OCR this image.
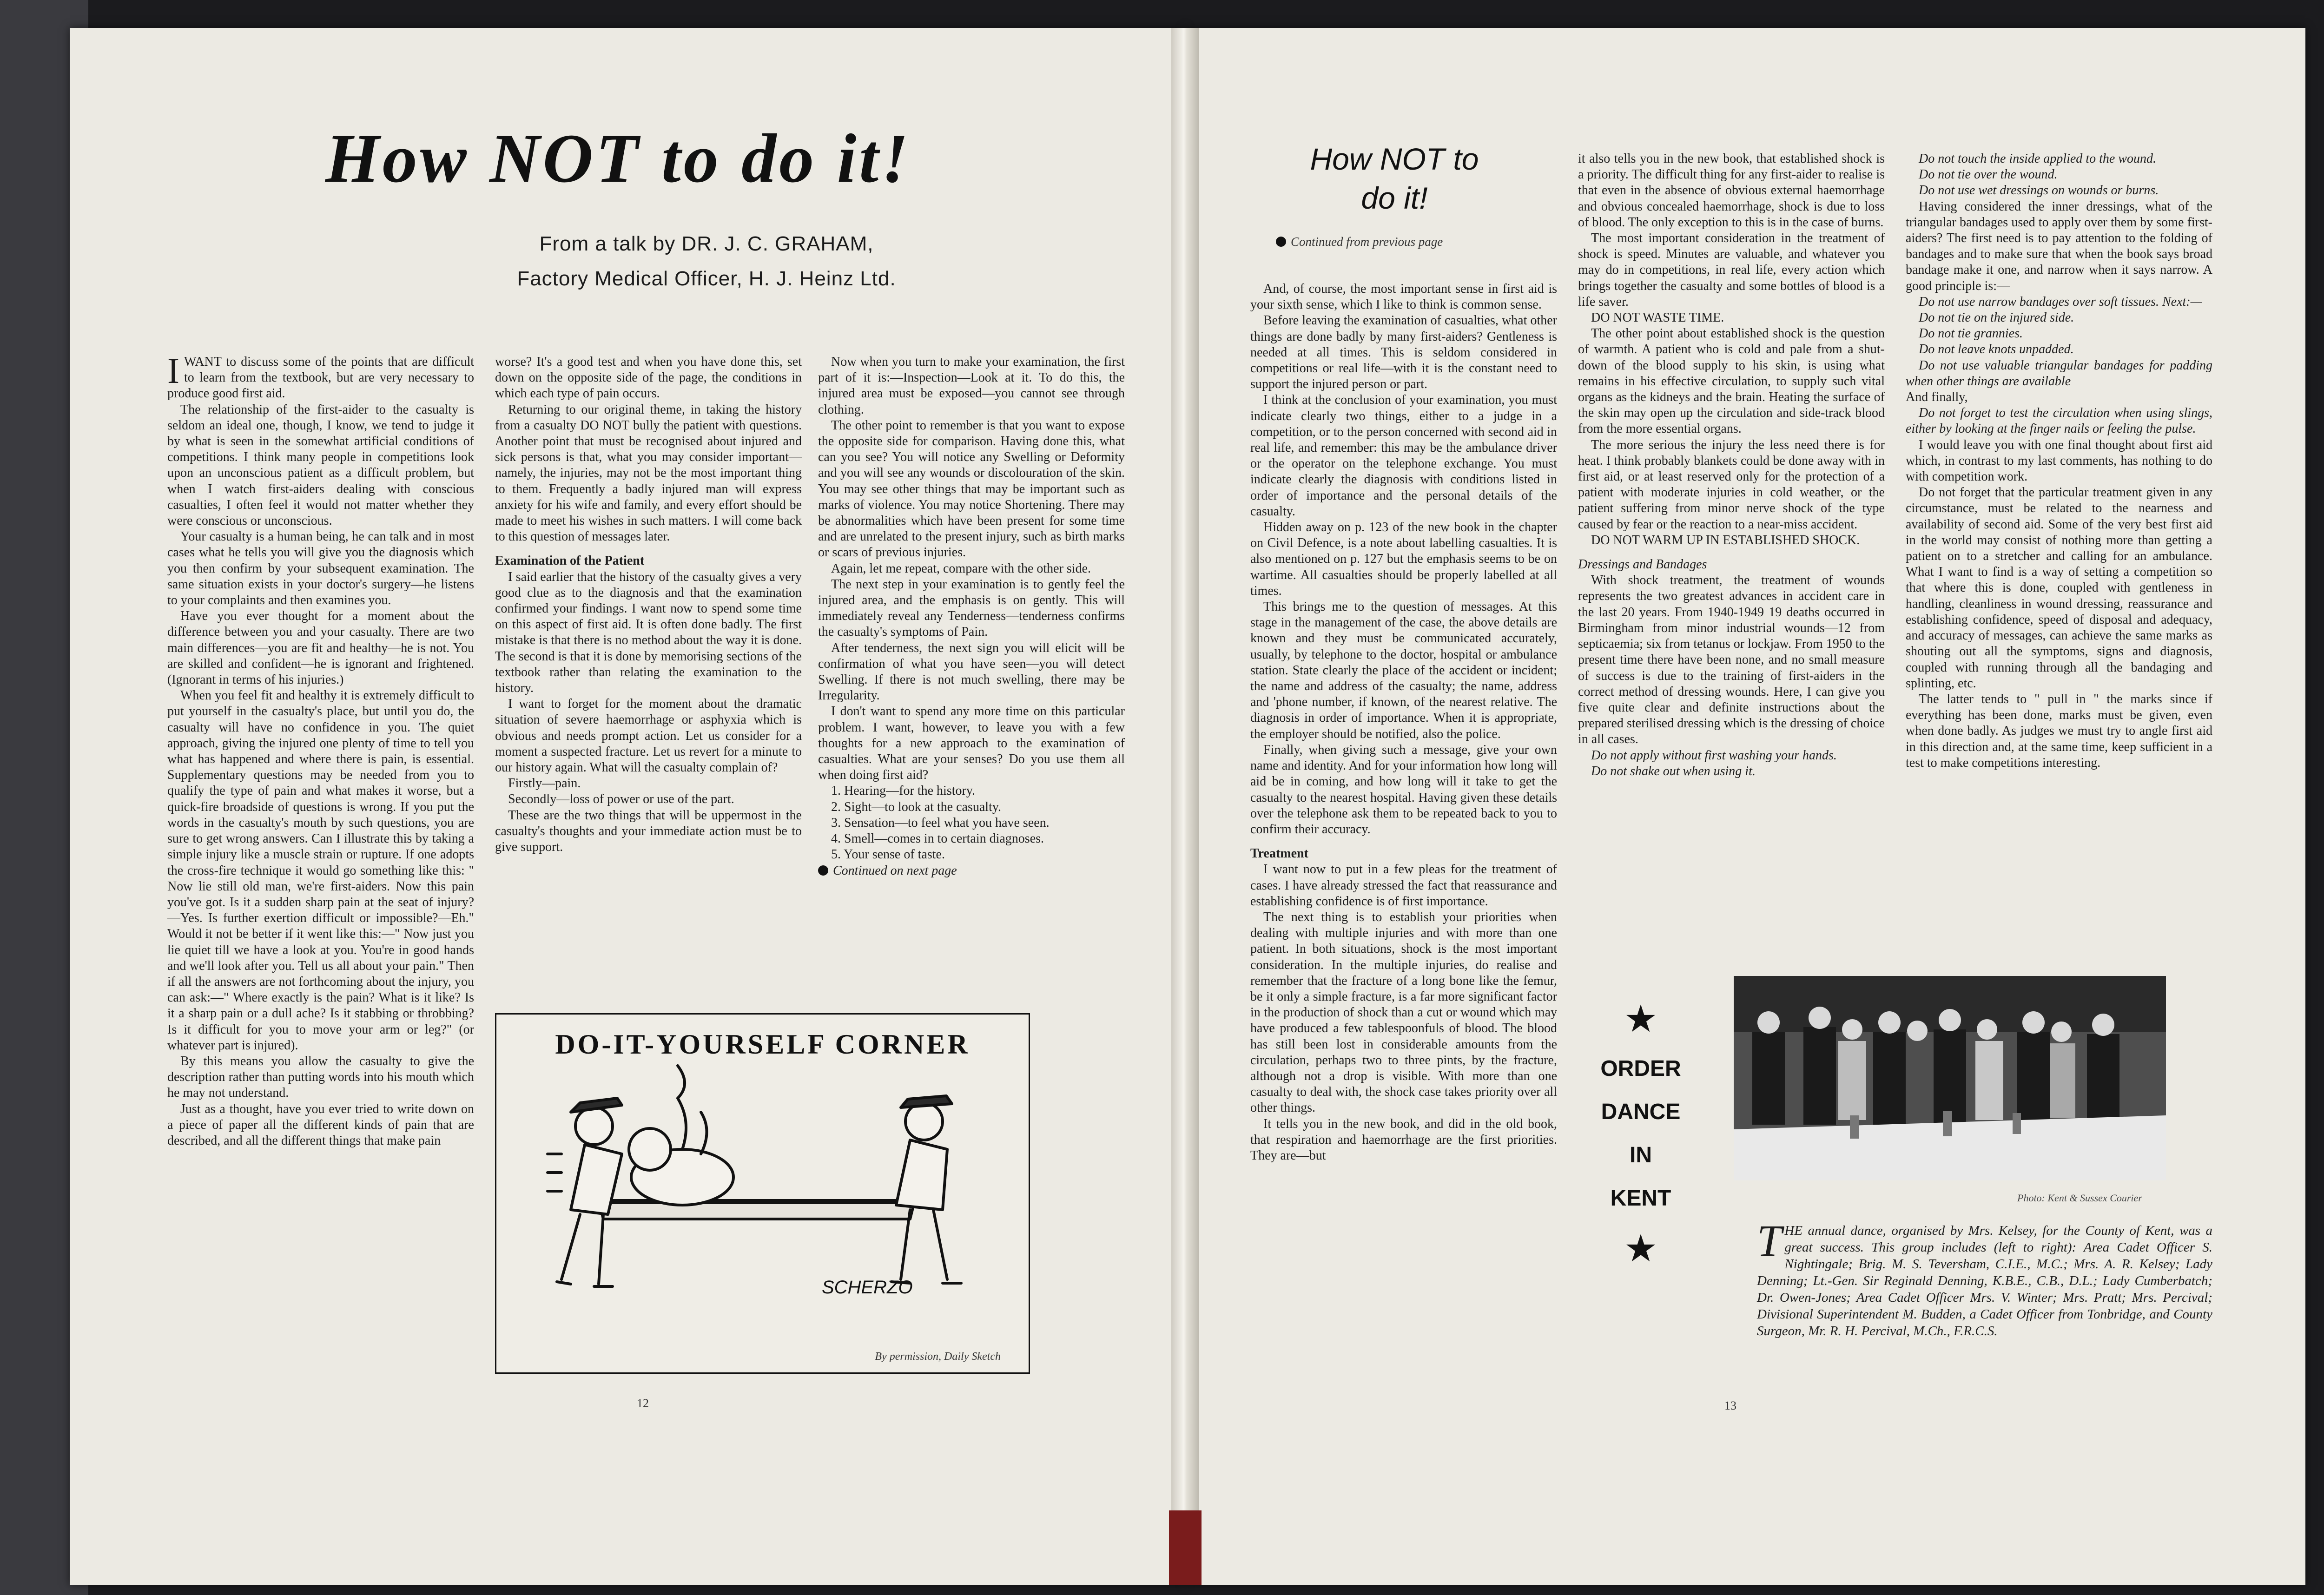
How NOT to do it!
From a talk by DR. J. C. GRAHAM,
Factory Medical Officer, H. J. Heinz Ltd.

IWANT to discuss some of the points that are difficult to learn from the textbook, but are very necessary to produce good first aid.

The relationship of the first-aider to the casualty is seldom an ideal one, though, I know, we tend to judge it by what is seen in the somewhat artificial conditions of competitions. I think many people in competitions look upon an unconscious patient as a difficult problem, but when I watch first-aiders dealing with conscious casualties, I often feel it would not matter whether they were conscious or unconscious.

Your casualty is a human being, he can talk and in most cases what he tells you will give you the diagnosis which you then confirm by your subsequent examination. The same situation exists in your doctor's surgery—he listens to your complaints and then examines you.

Have you ever thought for a moment about the difference between you and your casualty. There are two main differences—you are fit and healthy—he is not. You are skilled and confident—he is ignorant and frightened. (Ignorant in terms of his injuries.)

When you feel fit and healthy it is extremely difficult to put yourself in the casualty's place, but until you do, the casualty will have no confidence in you. The quiet approach, giving the injured one plenty of time to tell you what has happened and where there is pain, is essential. Supplementary questions may be needed from you to qualify the type of pain and what makes it worse, but a quick-fire broadside of questions is wrong. If you put the words in the casualty's mouth by such questions, you are sure to get wrong answers. Can I illustrate this by taking a simple injury like a muscle strain or rupture. If one adopts the cross-fire technique it would go something like this: " Now lie still old man, we're first-aiders. Now this pain you've got. Is it a sudden sharp pain at the seat of injury?—Yes. Is further exertion difficult or impossible?—Eh." Would it not be better if it went like this:—" Now just you lie quiet till we have a look at you. You're in good hands and we'll look after you. Tell us all about your pain." Then if all the answers are not forthcoming about the injury, you can ask:—" Where exactly is the pain? What is it like? Is it a sharp pain or a dull ache? Is it stabbing or throbbing? Is it difficult for you to move your arm or leg?" (or whatever part is injured).

By this means you allow the casualty to give the description rather than putting words into his mouth which he may not understand.

Just as a thought, have you ever tried to write down on a piece of paper all the different kinds of pain that are described, and all the different things that make pain

worse? It's a good test and when you have done this, set down on the opposite side of the page, the conditions in which each type of pain occurs.

Returning to our original theme, in taking the history from a casualty DO NOT bully the patient with questions. Another point that must be recognised about injured and sick persons is that, what you may consider important—namely, the injuries, may not be the most important thing to them. Frequently a badly injured man will express anxiety for his wife and family, and every effort should be made to meet his wishes in such matters. I will come back to this question of messages later.

Examination of the Patient

I said earlier that the history of the casualty gives a very good clue as to the diagnosis and that the examination confirmed your findings. I want now to spend some time on this aspect of first aid. It is often done badly. The first mistake is that there is no method about the way it is done. The second is that it is done by memorising sections of the textbook rather than relating the examination to the history.

I want to forget for the moment about the dramatic situation of severe haemorrhage or asphyxia which is obvious and needs prompt action. Let us consider for a moment a suspected fracture. Let us revert for a minute to our history again. What will the casualty complain of?

Firstly—pain.

Secondly—loss of power or use of the part.

These are the two things that will be uppermost in the casualty's thoughts and your immediate action must be to give support.

Now when you turn to make your examination, the first part of it is:—Inspection—Look at it. To do this, the injured area must be exposed—you cannot see through clothing.

The other point to remember is that you want to expose the opposite side for comparison. Having done this, what can you see? You will notice any Swelling or Deformity and you will see any wounds or discolouration of the skin. You may see other things that may be important such as marks of violence. You may notice Shortening. There may be abnormalities which have been present for some time and are unrelated to the present injury, such as birth marks or scars of previous injuries.

Again, let me repeat, compare with the other side.

The next step in your examination is to gently feel the injured area, and the emphasis is on gently. This will immediately reveal any Tenderness—tenderness confirms the casualty's symptoms of Pain.

After tenderness, the next sign you will elicit will be confirmation of what you have seen—you will detect Swelling. If there is not much swelling, there may be Irregularity.

I don't want to spend any more time on this particular problem. I want, however, to leave you with a few thoughts for a new approach to the examination of casualties. What are your senses? Do you use them all when doing first aid?

1. Hearing—for the history.

2. Sight—to look at the casualty.

3. Sensation—to feel what you have seen.

4. Smell—comes in to certain diagnoses.

5. Your sense of taste.

Continued on next page

DO-IT-YOURSELF CORNER
SCHERZO
By permission, Daily Sketch
12
How NOT to
do it!
Continued from previous page

And, of course, the most important sense in first aid is your sixth sense, which I like to think is common sense.

Before leaving the examination of casualties, what other things are done badly by many first-aiders? Gentleness is needed at all times. This is seldom considered in competitions or real life—with it is the constant need to support the injured person or part.

I think at the conclusion of your examination, you must indicate clearly two things, either to a judge in a competition, or to the person concerned with second aid in real life, and remember: this may be the ambulance driver or the operator on the telephone exchange. You must indicate clearly the diagnosis with conditions listed in order of importance and the personal details of the casualty.

Hidden away on p. 123 of the new book in the chapter on Civil Defence, is a note about labelling casualties. It is also mentioned on p. 127 but the emphasis seems to be on wartime. All casualties should be properly labelled at all times.

This brings me to the question of messages. At this stage in the management of the case, the above details are known and they must be communicated accurately, usually, by telephone to the doctor, hospital or ambulance station. State clearly the place of the accident or incident; the name and address of the casualty; the name, address and 'phone number, if known, of the nearest relative. The diagnosis in order of importance. When it is appropriate, the employer should be notified, also the police.

Finally, when giving such a message, give your own name and identity. And for your information how long will aid be in coming, and how long will it take to get the casualty to the nearest hospital. Having given these details over the telephone ask them to be repeated back to you to confirm their accuracy.

Treatment

I want now to put in a few pleas for the treatment of cases. I have already stressed the fact that reassurance and establishing confidence is of first importance.

The next thing is to establish your priorities when dealing with multiple injuries and with more than one patient. In both situations, shock is the most important consideration. In the multiple injuries, do realise and remember that the fracture of a long bone like the femur, be it only a simple fracture, is a far more significant factor in the production of shock than a cut or wound which may have produced a few tablespoonfuls of blood. The blood has still been lost in considerable amounts from the circulation, perhaps two to three pints, by the fracture, although not a drop is visible. With more than one casualty to deal with, the shock case takes priority over all other things.

It tells you in the new book, and did in the old book, that respiration and haemorrhage are the first priorities. They are—but

it also tells you in the new book, that established shock is a priority. The difficult thing for any first-aider to realise is that even in the absence of obvious external haemorrhage and obvious concealed haemorrhage, shock is due to loss of blood. The only exception to this is in the case of burns.

The most important consideration in the treatment of shock is speed. Minutes are valuable, and whatever you may do in competitions, in real life, every action which brings together the casualty and some bottles of blood is a life saver.

DO NOT WASTE TIME.

The other point about established shock is the question of warmth. A patient who is cold and pale from a shut-down of the blood supply to his skin, is using what remains in his effective circulation, to supply such vital organs as the kidneys and the brain. Heating the surface of the skin may open up the circulation and side-track blood from the more essential organs.

The more serious the injury the less need there is for heat. I think probably blankets could be done away with in first aid, or at least reserved only for the protection of a patient with moderate injuries in cold weather, or the patient suffering from minor nerve shock of the type caused by fear or the reaction to a near-miss accident.

DO NOT WARM UP IN ESTABLISHED SHOCK.

Dressings and Bandages

With shock treatment, the treatment of wounds represents the two greatest advances in accident care in the last 20 years. From 1940-1949 19 deaths occurred in Birmingham from minor industrial wounds—12 from septicaemia; six from tetanus or lockjaw. From 1950 to the present time there have been none, and no small measure of success is due to the training of first-aiders in the correct method of dressing wounds. Here, I can give you five quite clear and definite instructions about the prepared sterilised dressing which is the dressing of choice in all cases.

Do not apply without first washing your hands.

Do not shake out when using it.

Do not touch the inside applied to the wound.

Do not tie over the wound.

Do not use wet dressings on wounds or burns.

Having considered the inner dressings, what of the triangular bandages used to apply over them by some first-aiders? The first need is to pay attention to the folding of bandages and to make sure that when the book says broad bandage make it one, and narrow when it says narrow. A good principle is:—

Do not use narrow bandages over soft tissues. Next:—

Do not tie on the injured side.

Do not tie grannies.

Do not leave knots unpadded.

Do not use valuable triangular bandages for padding when other things are available

And finally,

Do not forget to test the circulation when using slings, either by looking at the finger nails or feeling the pulse.

I would leave you with one final thought about first aid which, in contrast to my last comments, has nothing to do with competition work.

Do not forget that the particular treatment given in any circumstance, must be related to the nearness and availability of second aid. Some of the very best first aid in the world may consist of nothing more than getting a patient on to a stretcher and calling for an ambulance. What I want to find is a way of setting a competition so that where this is done, coupled with gentleness in handling, cleanliness in wound dressing, reassurance and establishing confidence, speed of disposal and adequacy, and accuracy of messages, can achieve the same marks as shouting out all the symptoms, signs and diagnosis, coupled with running through all the bandaging and splinting, etc.

The latter tends to " pull in " the marks since if everything has been done, marks must be given, even when done badly. As judges we must try to angle first aid in this direction and, at the same time, keep sufficient in a test to make competitions interesting.

★
ORDER
DANCE
IN
KENT
★
Photo: Kent & Sussex Courier
THE annual dance, organised by Mrs. Kelsey, for the County of Kent, was a great success. This group includes (left to right): Area Cadet Officer S. Nightingale; Brig. M. S. Teversham, C.I.E., M.C.; Mrs. A. R. Kelsey; Lady Denning; Lt.-Gen. Sir Reginald Denning, K.B.E., C.B., D.L.; Lady Cumberbatch; Dr. Owen-Jones; Area Cadet Officer Mrs. V. Winter; Mrs. Pratt; Mrs. Percival; Divisional Superintendent M. Budden, a Cadet Officer from Tonbridge, and County Surgeon, Mr. R. H. Percival, M.Ch., F.R.C.S.
13
